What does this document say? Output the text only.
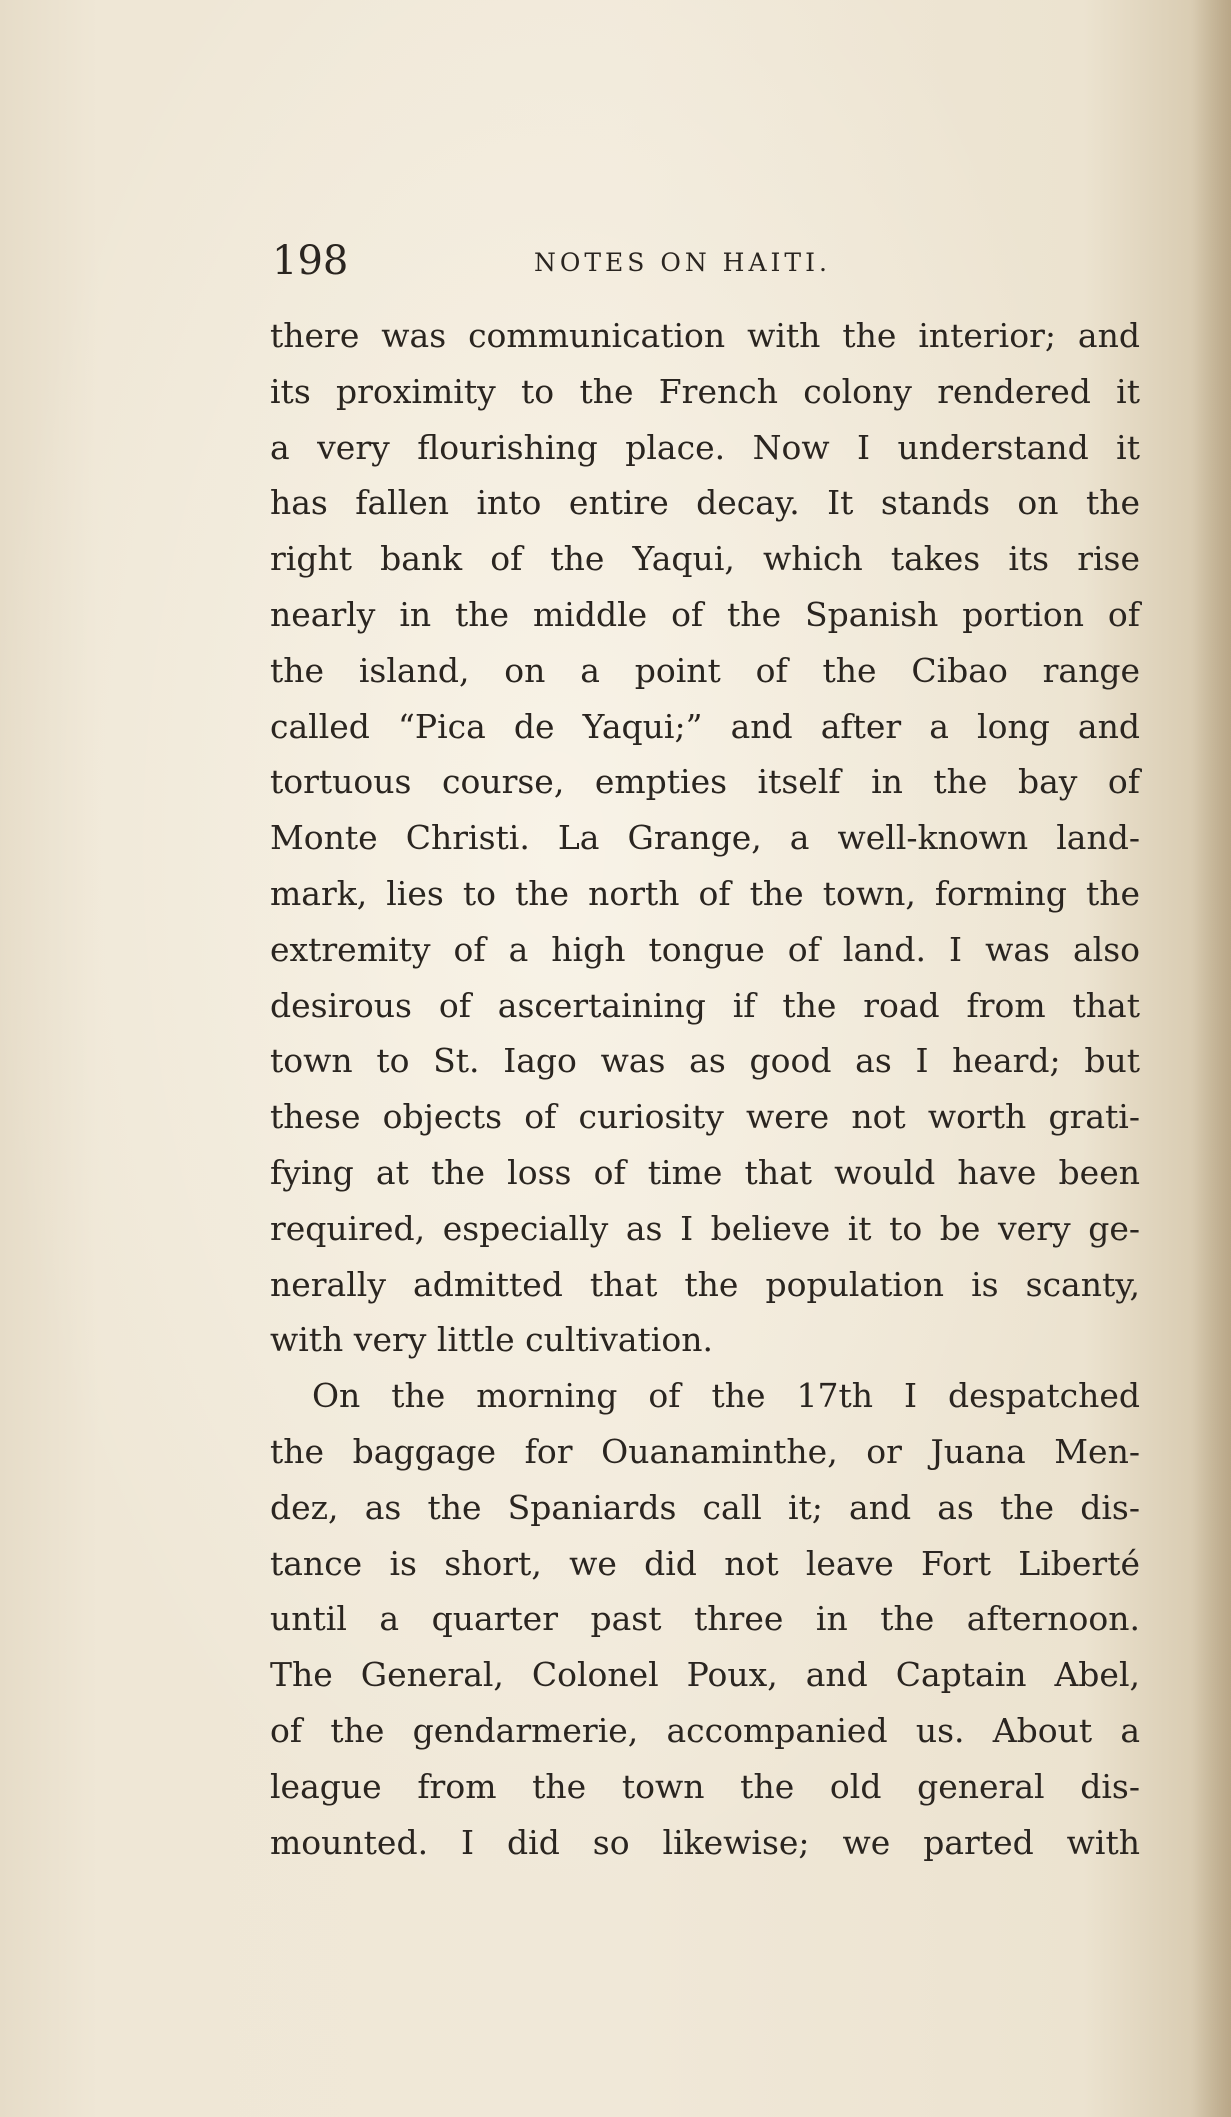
198	NOTES ON HAITI.
there was communication with the interior; and
its proximity to the French colony rendered it
a very flourishing place. Now I understand it
has fallen into entire decay. It stands on the
right bank of the Yaqui, which takes its rise
nearly in the middle of the Spanish portion of
the island, on a point of the Cibao range
called “Pica de Yaqui;” and after a long and
tortuous course, empties itself in the bay of
Monte Christi. La Grange, a well-known land-
mark, lies to the north of the town, forming the
extremity of a high tongue of land. I was also
desirous of ascertaining if the road from that
town to St. Iago was as good as I heard; but
these objects of curiosity were not worth grati-
fying at the loss of time that would have been
required, especially as I believe it to be very ge-
nerally admitted that the population is scanty,
with very little cultivation.
On the morning of the 17th I despatched
the baggage for Ouanaminthe, or Juana Men-
dez, as the Spaniards call it; and as the dis-
tance is short, we did not leave Fort Liberté
until a quarter past three in the afternoon.
The General, Colonel Poux, and Captain Abel,
of the gendarmerie, accompanied us. About a
league from the town the old general dis-
mounted. I did so likewise; we parted with
